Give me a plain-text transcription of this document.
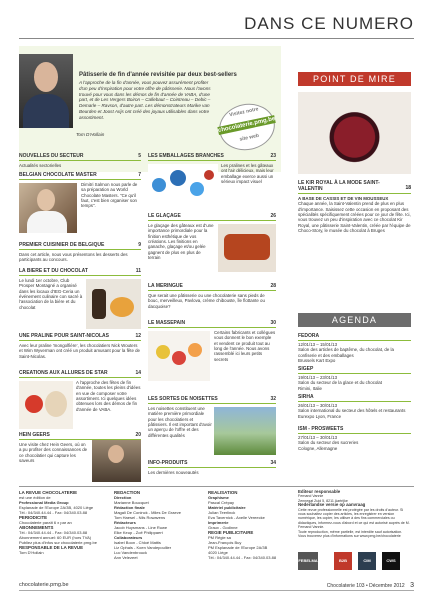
DANS CE NUMERO
Pâtisserie de fin d'année revisitée par deux best-sellers
A l'approche de la fin d'année, vous pouvez assurément profiter d'un peu d'inspiration pour votre offre de pâtisserie. Nous l'avons trouvé pour vous dans les démos de fin d'année de VABA, d'une part, et de Les Vergers Boiron – Callebaut – Cointreau – Debic – Demarle – Ravson, d'autre part. Les démonstrateurs Marike van Beurden et Joost Arijs ont créé des joyaux utilisables dans votre assortiment.
Tom D'Hollain
Visitez notre
chocolaterie.pmg.be
site web
NOUVELLES DU SECTEUR	5
Actualités sectorielles
BELGIAN CHOCOLATE MASTER	7
Dimitri Salmon nous parle de sa préparation au World Chocolate Masters. "Ce qu'il faut, c'est bien organiser son temps".
PREMIER CUISINIER DE BELGIQUE	9
Dans cet article, nous vous présentons les desserts des participants au concours.
LA BIERE ET DU CHOCOLAT	11
Le lundi 1er octobre, Club Prosper Montagné a organisé dans les locaux d'IEG-Ceria un événement culinaire con sacré à l'association de la bière et du chocolat
UNE PRALINE POUR SAINT-NICOLAS	12
Avec leur praline 'mongolfière', les chocolatiers Nick Wouters et Wim Wyverman ont créé un produit amusant pour la fête de Saint-Nicolas.
CREATIONS AUX ALLURES DE STAR	14
A l'approche des fêtes de fin d'année, toutes les pleins d'idées en vue de composer votre assortiment. Ici quelques idées obtenues lors des démos de fin d'année de VABA.
HEIN GEERS	20
Une visite chez Hein Geers, où on a pu profiter des connaissances de ce chocolatier qui capture les saveurs
LES EMBALLAGES BRANCHES	23
Les pralines et les gâteaux ont l'air délicieux, mais leur emballage exerce aussi un sérieux impact visuel
LE GLAÇAGE	26
Le glaçage des gâteaux est d'une importance primordiale pour la finition esthétique de vos créations. Les finitions en ganache, glaçage et/ou gelée gagnent de plus en plus de terrain
LA MERINGUE	28
Que serait une pâtisserie ou une chocolaterie sans pieds de bouc, merveilleux, Pavlova, crème chibouste, île flottante ou dacquoise?
LE MASSEPAIN	30
Certains fabricants et collègues vous donnent le bon exemple et vendent ce produit tout au long de l'année. Nous avons rassemblé ici leurs petits secrets
LES SORTES DE NOISETTES	32
Les noisettes constituent une matière première primordiale pour les chocolatiers et pâtissiers. Il est important d'avoir un aperçu de l'offre et des différentes qualités
INFO-PRODUITS	34
Les dernières nouveautés
POINT DE MIRE
LE KIR ROYAL À LA MODE SAINT-VALENTIN	18
A BASE DE CASSIS ET DE VIN MOUSSEUX
Chaque année, la Saint-Valentin prend de plus en plus d'importance. Saisissez cette occasion en proposant des spécialités spécifiquement créées pour ce jour de fête. Ici, vous trouvez un peu d'inspiration avec ce chocolat Kir Royal, une pâtisserie Saint-Valentin, créée par l'équipe de Choco-Story, le musée du chocolat à Bruges
AGENDA
FEDORA
12/01/13 – 15/01/13
Salon des articles de baptême, du chocolat, de la confiserie et des emballages
Brussels Kart Expo
SIGEP
19/01/13 – 23/01/13
Salon du secteur de la glace et du chocolat
Rimini, Italie
SIRHA
26/01/13 – 30/01/13
Salon international du secteur des hôtels et restaurants
Eurexpo Lyon, France
ISM - PROSWEETS
27/01/13 – 30/01/13
Salon du secteur des sucreries
Cologne, Allemagne
LA REVUE CHOCOLATERIE
est une édition de
Professional Media Group
Esplanade de l'Europe 2A/3B, 4020 Liège
Tél.: 04/340.44.44 - Fax: 04/340.03.88
PERIODICITE
Chocolaterie paraît 6 x par an
ABONNEMENTS
Tél.: 04/340.44.44 - Fax: 04/340.03.88
Abonnement annuel: 60 EUR (hors TVA)
Publiez plus d'infos sur chocolaterie.pmg.be
RESPONSABLE DE LA REVUE
Tom D'Hollain
REDACTION
Direction
Marianne Boucquet
Rédaction finale
Magali De Coninck - Miles De Graeve
Tom Haesel - Nils Rowavens
Rédacteurs
Jacob Huysmans - Line Ruwe
Elke Keup - Zoë Philippaert
Collaborateurs
Isabel Boon - Chloé Mattis
Liz Ophals - Koen Vandepoullier
Luc Vandenbrouck
Ann Velezeet
REALISATION
Graphisme
Pascal Crépay
Matériel publicitaire
Julian Teerlinck
Eva Tavernick - Axelle Vereecke
Imprimerie
Graux - Godinne
REGIE PUBLICITAIRE
PM Régie sa
Jean-François Buy
PM Esplanade de l'Europe 2A/3B
4020 Liège
Tél.: 04/340.44.44 - Fax: 04/340.03.88
Editeur responsable
Fernand Vannie
Zennegat Zuid 5, 8211 Aartrijke
Nederlandse versie op aanvraag
Cette revue professionnelle est protégée par les droits d'auteur. Si vous souhaitez copier des articles, les enregistrer en version numérique, les copier, les utiliser à des fins commerciales ou didactiques, informez-vous d'abord et ce qui est autorisé auprès de M. Fernand Vannie.
Toute reproduction, même partielle, est interdite sauf autorisation.
Vous trouverez plus d'informations sur www.pmg.be/chocolaterie
FEBELMA	B2B	CIM	CWS
chocolaterie.pmg.be	Chocolaterie 103 • Décembre 2012 3
